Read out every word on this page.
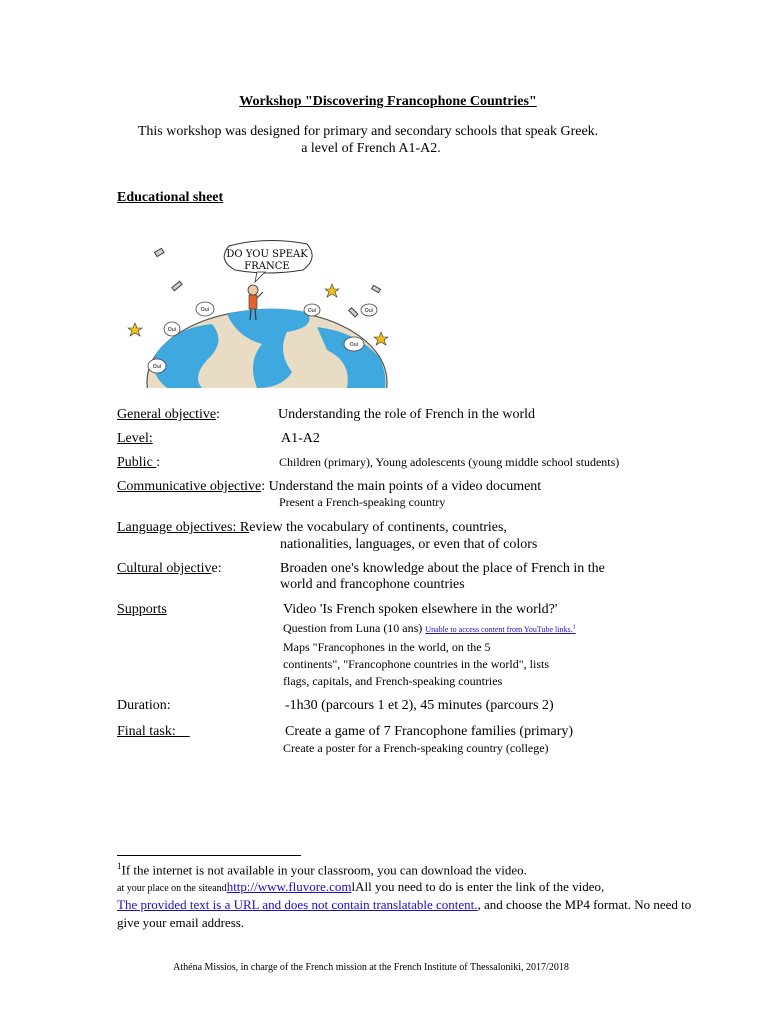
Workshop "Discovering Francophone Countries"
This workshop was designed for primary and secondary schools that speak Greek.
a level of French A1-A2.
Educational sheet
DO YOU SPEAK
FRANCE
Oui	Oui
Oui
Oui
Oui
Oui
General objective:	Understanding the role of French in the world
Level:	A1-A2
Public :	Children (primary), Young adolescents (young middle school students)
Communicative objective: Understand the main points of a video document
Present a French-speaking country
Language objectives: Review the vocabulary of continents, countries,
nationalities, languages, or even that of colors
Cultural objective:	Broaden one's knowledge about the place of French in the
world and francophone countries
Supports	Video 'Is French spoken elsewhere in the world?'
Question from Luna (10 ans) Unable to access content from YouTube links.$^1$
Maps "Francophones in the world, on the 5
continents", "Francophone countries in the world", lists
flags, capitals, and French-speaking countries
Duration:	-1h30 (parcours 1 et 2), 45 minutes (parcours 2)
Final task:	Create a game of 7 Francophone families (primary)
Create a poster for a French-speaking country (college)
$^1$If the internet is not available in your classroom, you can download the video.
at your place on the siteandhttp://www.fluvore.comlAll you need to do is enter the link of the video,
The provided text is a URL and does not contain translatable content., and choose the MP4 format. No need to
give your email address.
Athéna Missios, in charge of the French mission at the French Institute of Thessaloniki, 2017/2018
